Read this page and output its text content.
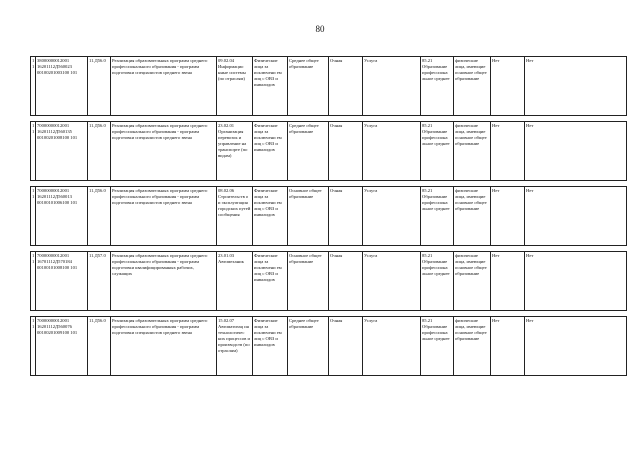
80
11	38000000012001 16201112Д560023 00100201003100 101	11.Д56.0	Реализация образовательных программ среднего профессионального образования - программ подготовки специалистов среднего звена	09.02.04 Информацио нные системы (по отраслям)	Физические лица за исключени ем лиц с ОВЗ и инвалидов	Среднее общее образование	Очная	Услуга	85.21 Образование профессиона льное среднее	физические лица, имеющие основное общее образование	Нет	Нет

11	70000000012001 16201112Д560135 00100201008100 101	11.Д56.0	Реализация образовательных программ среднего профессионального образования - программ подготовки специалистов среднего звена	23.02.01 Организация перевозок и управление на транспорте (по видам)	Физические лица за исключени ем лиц с ОВЗ и инвалидов	Среднее общее образование	Очная	Услуга	85.21 Образование профессиона льное среднее	физические лица, имеющие основное общее образование	Нет	Нет

11	70000000012001 16201112Д560013 00100101006100 101	11.Д56.0	Реализация образовательных программ среднего профессионального образования - программ подготовки специалистов среднего звена	08.02.06 Строительств о и эксплуатация городских путей сообщения	Физические лица за исключени ем лиц с ОВЗ и инвалидов	Основное общее образование	Очная	Услуга	85.21 Образование профессиона льное среднее	физические лица, имеющие основное общее образование	Нет	Нет

11	70000000012001 16701112Д570184 00100101008100 101	11.Д57.0	Реализация образовательных программ среднего профессионального образования - программ подготовки квалифицированных рабочих, служащих	23.01.03 Автомеханик	Физические лица за исключени ем лиц с ОВЗ и инвалидов	Основное общее образование	Очная	Услуга	85.21 Образование профессиона льное среднее	физические лица, имеющие основное общее образование	Нет	Нет

11	70000000012001 16201112Д560076 00100201009100 101	11.Д56.0	Реализация образовательных программ среднего профессионального образования - программ подготовки специалистов среднего звена	15.02.07 Автоматизац ия технологичес ких процессов и производств (по отраслям)	Физические лица за исключени ем лиц с ОВЗ и инвалидов	Среднее общее образование	Очная	Услуга	85.21 Образование профессиона льное среднее	физические лица, имеющие основное общее образование	Нет	Нет
